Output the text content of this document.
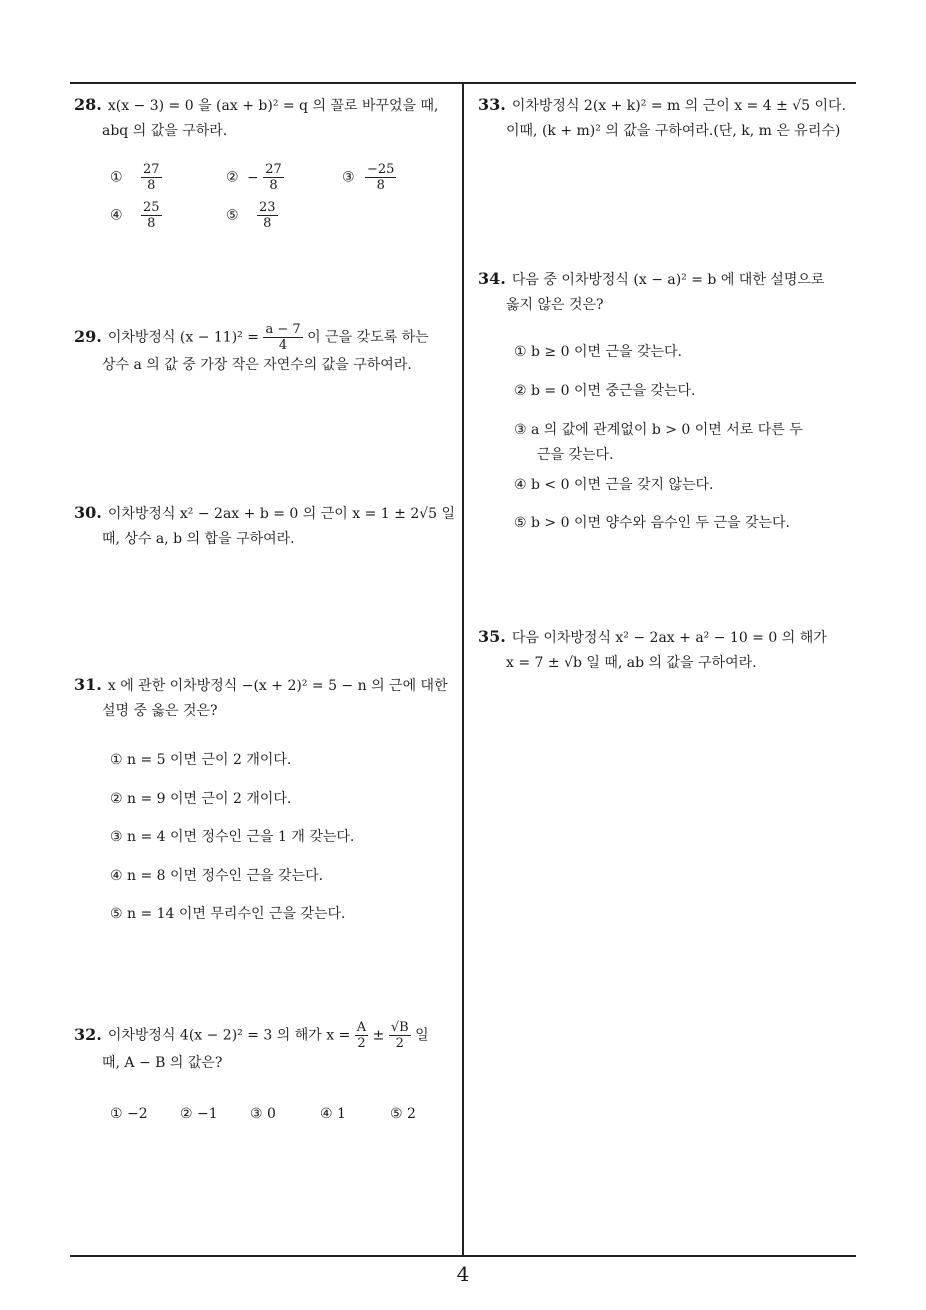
4
28. x(x − 3) = 0 을 (ax + b)² = q 의 꼴로 바꾸었을 때,
abq 의 값을 구하라.
① $\frac{27}{8}$	② − $\frac{27}{8}$	③ $\frac{-25}{8}$
④ $\frac{25}{8}$	⑤ $\frac{23}{8}$
29. 이차방정식 $(x - 11)^2 = \frac{a - 7}{4}$ 이 근을 갖도록 하는
상수 a 의 값 중 가장 작은 자연수의 값을 구하여라.
30. 이차방정식 x² − 2ax + b = 0 의 근이 x = 1 ± 2√5 일
때, 상수 a, b 의 합을 구하여라.
31. x 에 관한 이차방정식 −(x + 2)² = 5 − n 의 근에 대한
설명 중 옳은 것은?
① n = 5 이면 근이 2 개이다.
② n = 9 이면 근이 2 개이다.
③ n = 4 이면 정수인 근을 1 개 갖는다.
④ n = 8 이면 정수인 근을 갖는다.
⑤ n = 14 이면 무리수인 근을 갖는다.
32. 이차방정식 4(x − 2)² = 3 의 해가 $x = \frac{A}{2} \pm \frac{√B}{2}$ 일
때, A − B 의 값은?
① −2 ② −1 ③ 0	④ 1	⑤ 2
33. 이차방정식 2(x + k)² = m 의 근이 x = 4 ± √5 이다.
이때, (k + m)² 의 값을 구하여라.(단, k, m 은 유리수)
34. 다음 중 이차방정식 (x − a)² = b 에 대한 설명으로
옳지 않은 것은?
① b ≥ 0 이면 근을 갖는다.
② b = 0 이면 중근을 갖는다.
③ a 의 값에 관계없이 b > 0 이면 서로 다른 두
근을 갖는다.
④ b < 0 이면 근을 갖지 않는다.
⑤ b > 0 이면 양수와 음수인 두 근을 갖는다.
35. 다음 이차방정식 x² − 2ax + a² − 10 = 0 의 해가
x = 7 ± √b 일 때, ab 의 값을 구하여라.
